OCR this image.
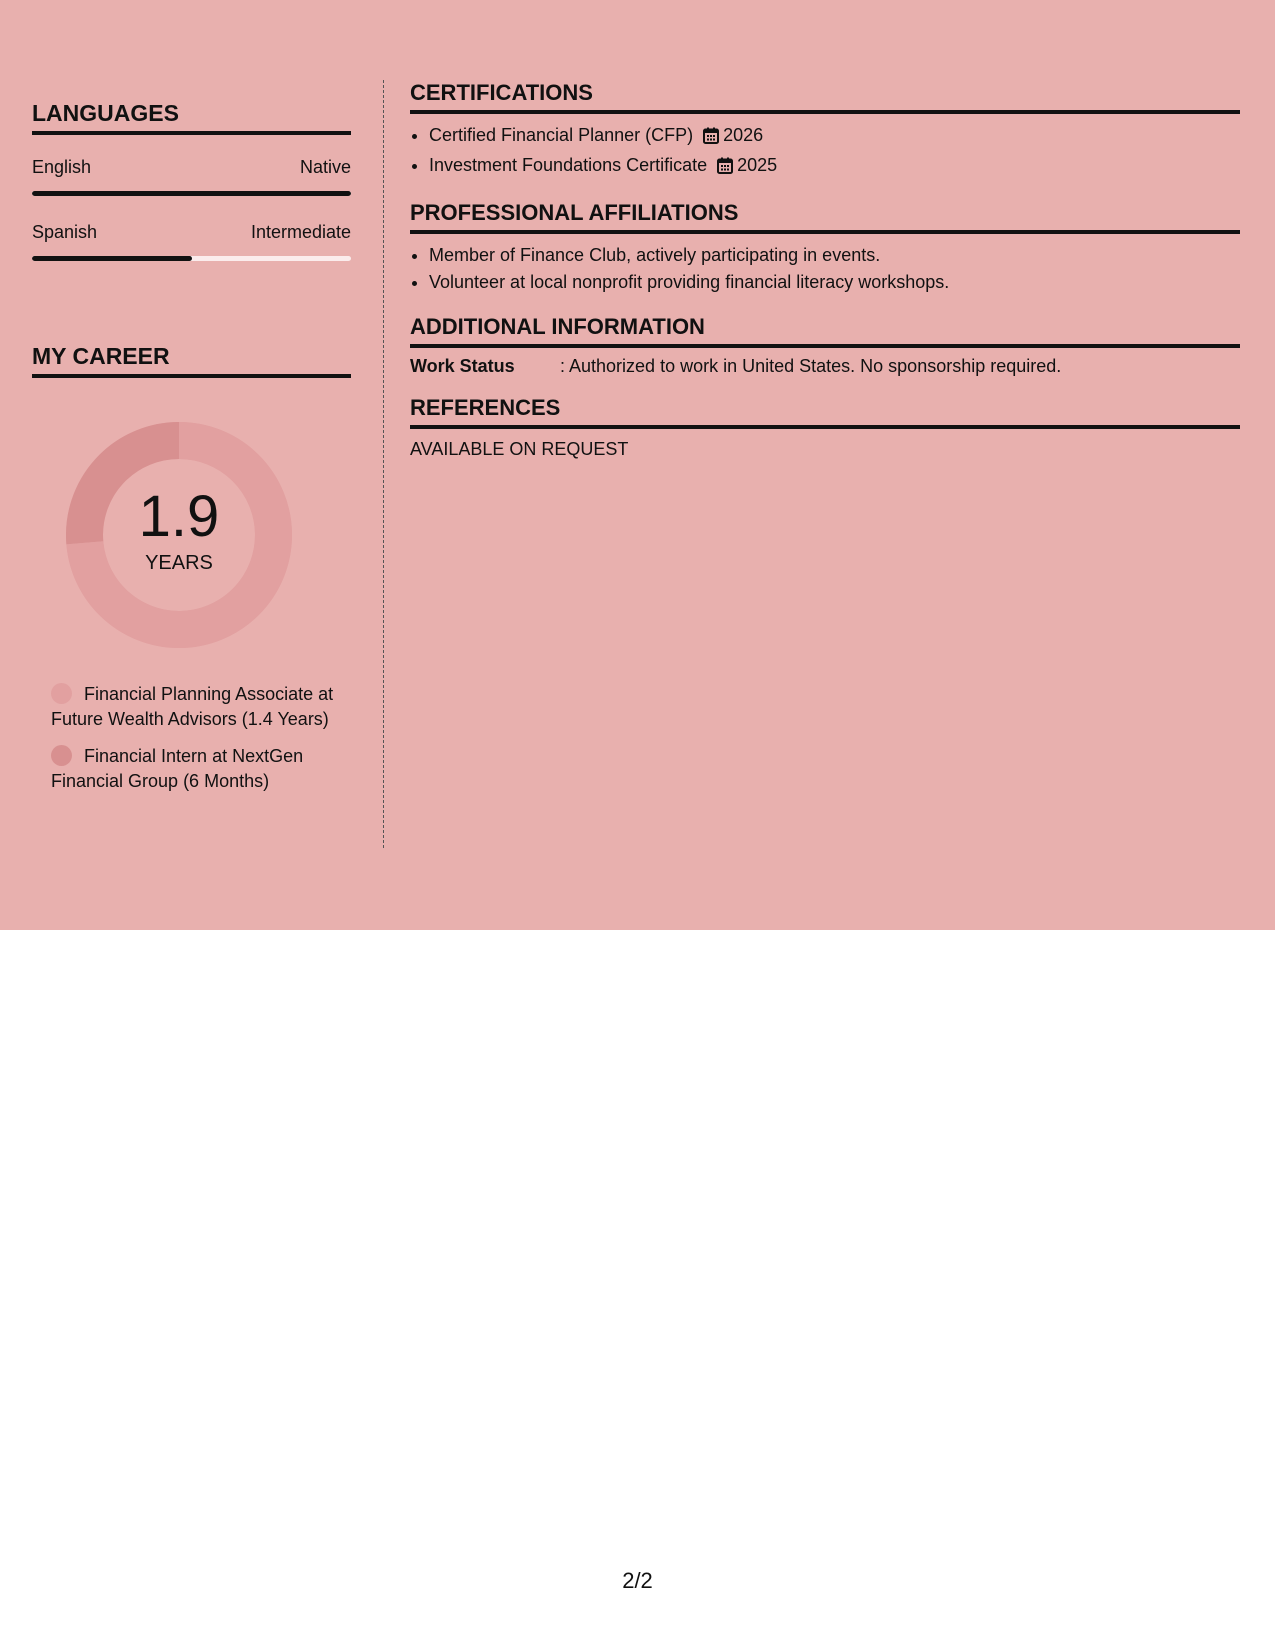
LANGUAGES
English	Native
Spanish	Intermediate
MY CAREER
1.9
YEARS
Financial Planning Associate at Future Wealth Advisors (1.4 Years)
Financial Intern at NextGen Financial Group (6 Months)
CERTIFICATIONS
• Certified Financial Planner (CFP) 2026
• Investment Foundations Certificate 2025
PROFESSIONAL AFFILIATIONS
• Member of Finance Club, actively participating in events.
• Volunteer at local nonprofit providing financial literacy workshops.
ADDITIONAL INFORMATION
Work Status	: Authorized to work in United States. No sponsorship required.
REFERENCES
AVAILABLE ON REQUEST
2/2
